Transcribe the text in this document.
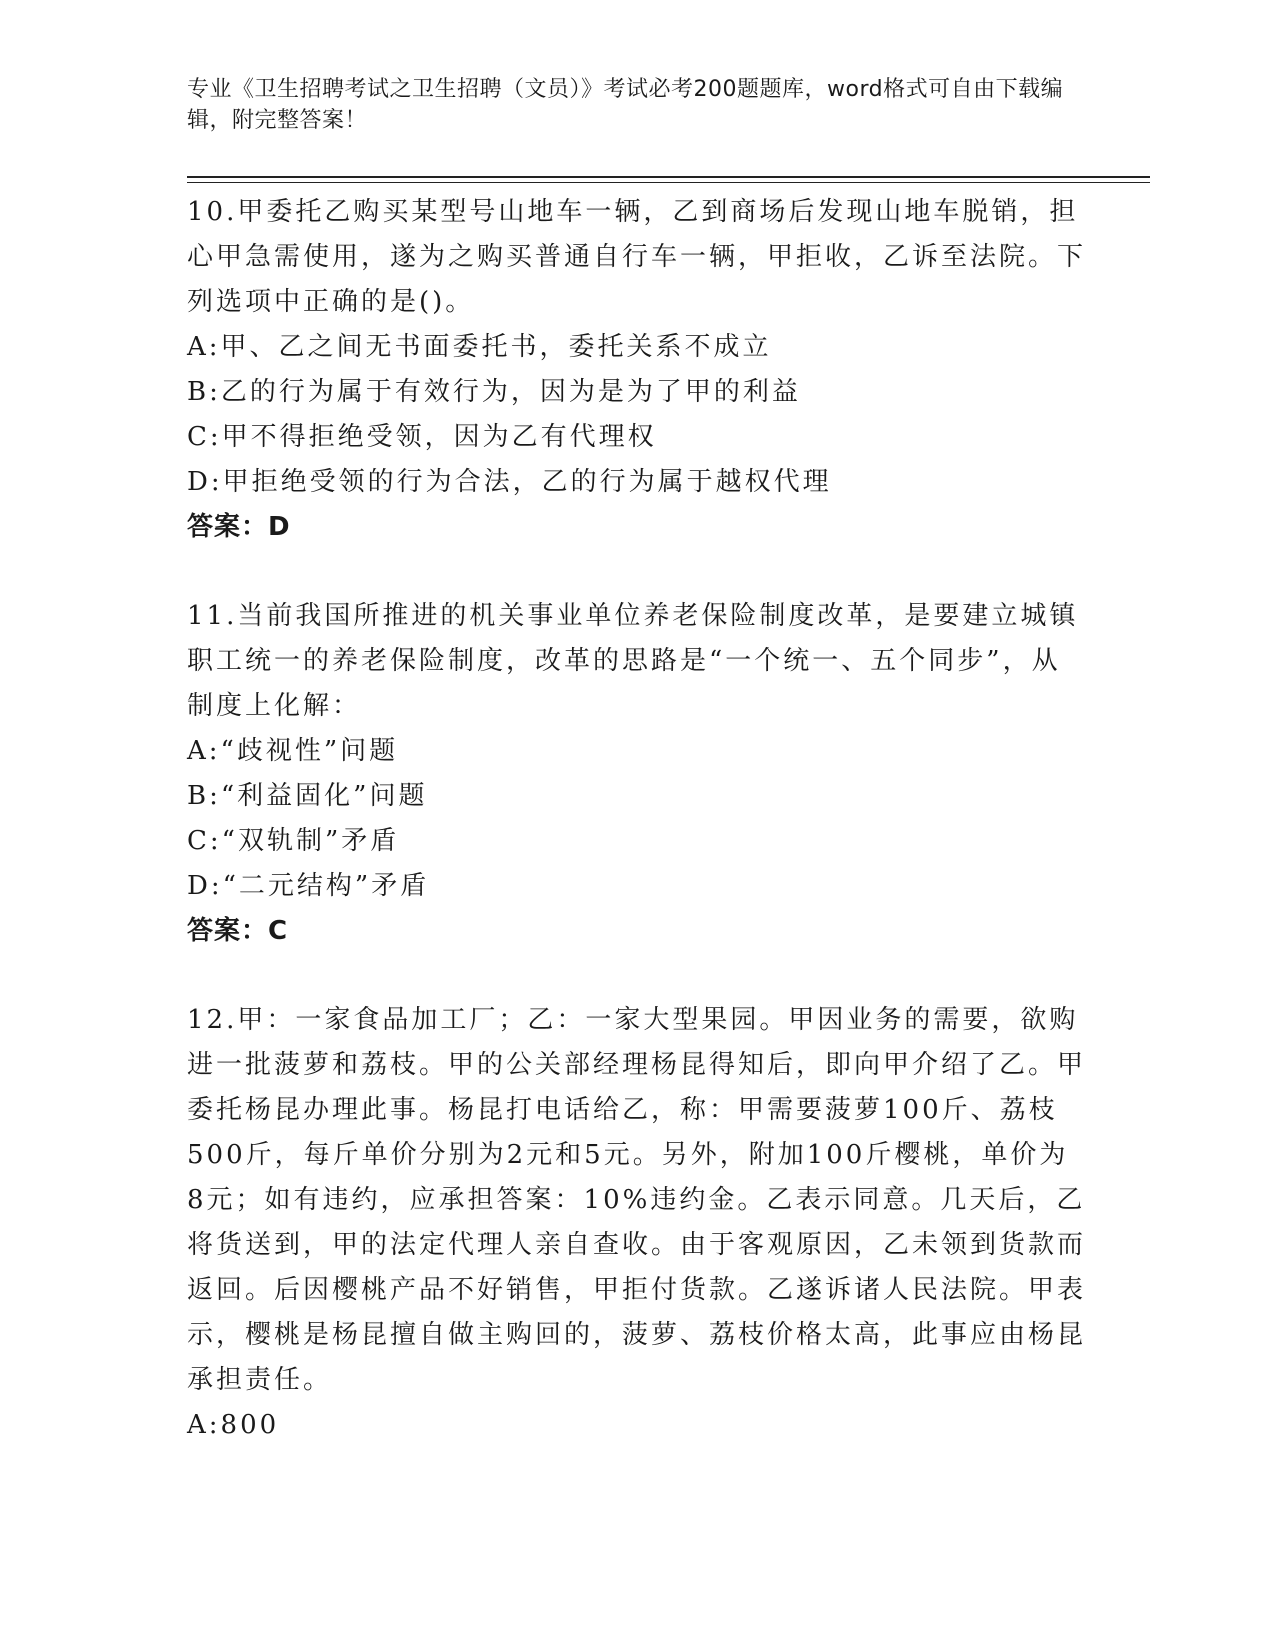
专业《卫生招聘考试之卫生招聘（文员）》考试必考200题题库，word格式可自由下载编辑，附完整答案！
10.甲委托乙购买某型号山地车一辆，乙到商场后发现山地车脱销，担心甲急需使用，遂为之购买普通自行车一辆，甲拒收，乙诉至法院。下列选项中正确的是()。
A:甲、乙之间无书面委托书，委托关系不成立
B:乙的行为属于有效行为，因为是为了甲的利益
C:甲不得拒绝受领，因为乙有代理权
D:甲拒绝受领的行为合法，乙的行为属于越权代理
答案：D
11.当前我国所推进的机关事业单位养老保险制度改革，是要建立城镇职工统一的养老保险制度，改革的思路是“一个统一、五个同步”，从制度上化解：
A:“歧视性”问题
B:“利益固化”问题
C:“双轨制”矛盾
D:“二元结构”矛盾
答案：C
12.甲：一家食品加工厂；乙：一家大型果园。甲因业务的需要，欲购进一批菠萝和荔枝。甲的公关部经理杨昆得知后，即向甲介绍了乙。甲委托杨昆办理此事。杨昆打电话给乙，称：甲需要菠萝100斤、荔枝500斤，每斤单价分别为2元和5元。另外，附加100斤樱桃，单价为8元；如有违约，应承担答案：10%违约金。乙表示同意。几天后，乙将货送到，甲的法定代理人亲自查收。由于客观原因，乙未领到货款而返回。后因樱桃产品不好销售，甲拒付货款。乙遂诉诸人民法院。甲表示，樱桃是杨昆擅自做主购回的，菠萝、荔枝价格太高，此事应由杨昆承担责任。
A:800
